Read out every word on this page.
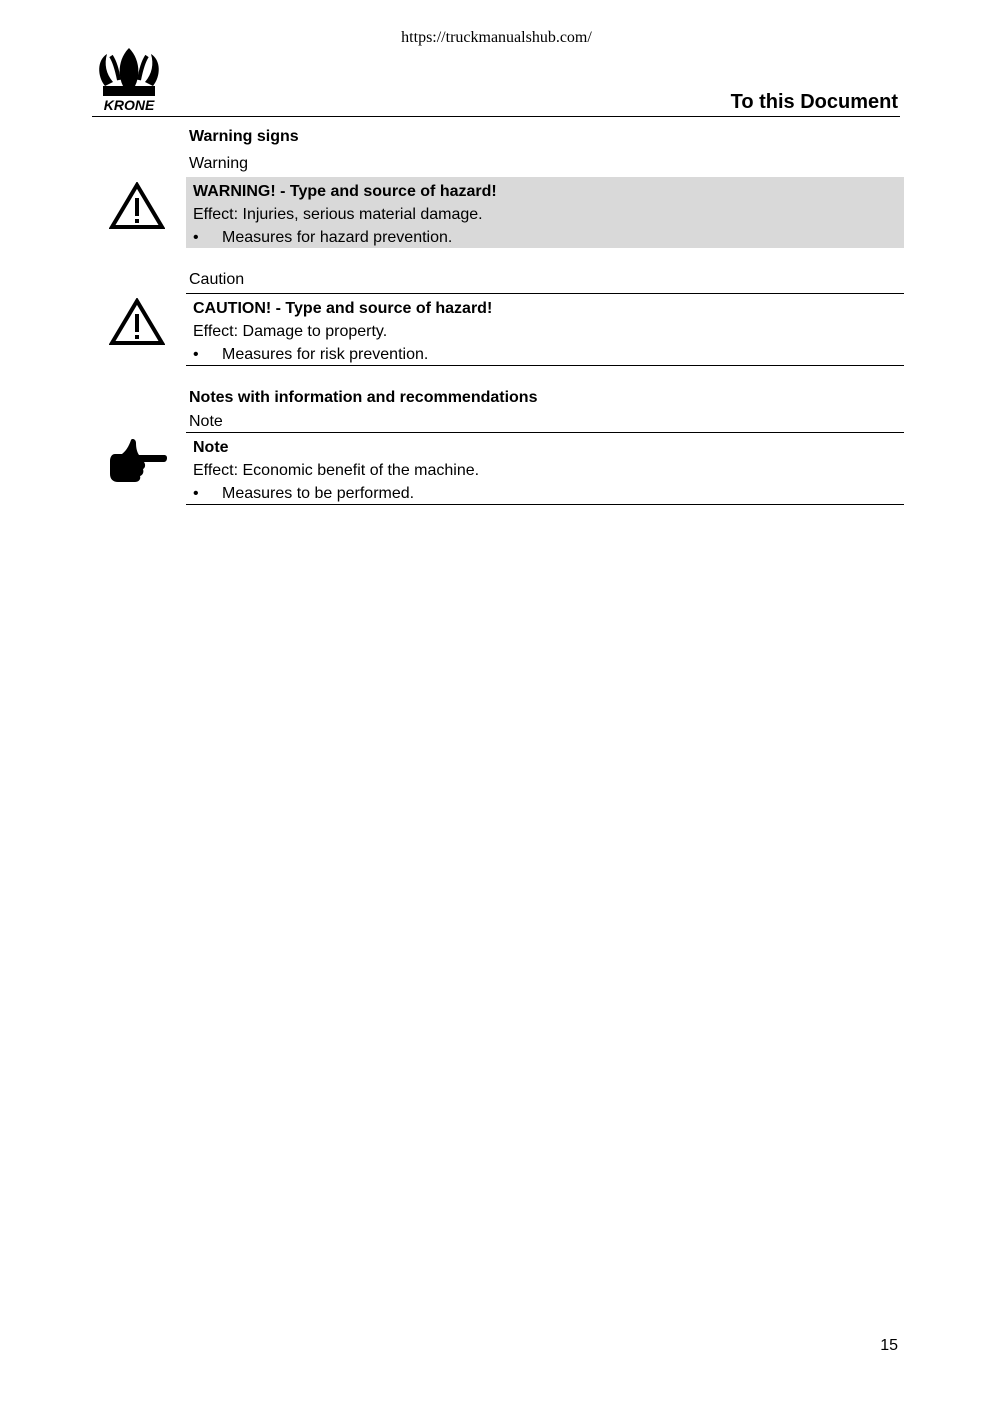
https://truckmanualshub.com/
KRONE	To this Document
Warning signs
Warning
WARNING! - Type and source of hazard!
Effect: Injuries, serious material damage.
•	Measures for hazard prevention.
Caution
CAUTION! - Type and source of hazard!
Effect: Damage to property.
•	Measures for risk prevention.
Notes with information and recommendations
Note
Note
Effect: Economic benefit of the machine.
•	Measures to be performed.
15
